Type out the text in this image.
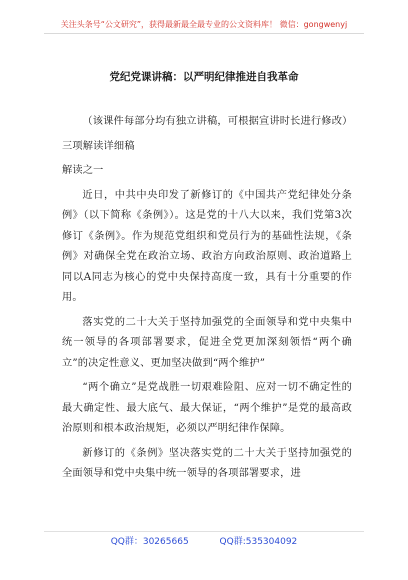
关注头条号“公文研究”，获得最新最全最专业的公文资料库！ 微信：gongwenyj
党纪党课讲稿：以严明纪律推进自我革命

（该课件每部分均有独立讲稿，可根据宣讲时长进行修改）

三项解读详细稿

解读之一

近日，中共中央印发了新修订的《中国共产党纪律处分条例》（以下简称《条例》）。这是党的十八大以来，我们党第3次修订《条例》。作为规范党组织和党员行为的基础性法规，《条例》对确保全党在政治立场、政治方向政治原则、政治道路上同以A同志为核心的党中央保持高度一致，具有十分重要的作用。

落实党的二十大关于坚持加强党的全面领导和党中央集中统一领导的各项部署要求，促进全党更加深刻领悟“两个确立”的决定性意义、更加坚决做到“两个维护”

“两个确立”是党战胜一切艰难险阻、应对一切不确定性的最大确定性、最大底气、最大保证，“两个维护”是党的最高政治原则和根本政治规矩，必须以严明纪律作保障。

新修订的《条例》坚决落实党的二十大关于坚持加强党的全面领导和党中央集中统一领导的各项部署要求，进

QQ群：30265665	QQ群:535304092
